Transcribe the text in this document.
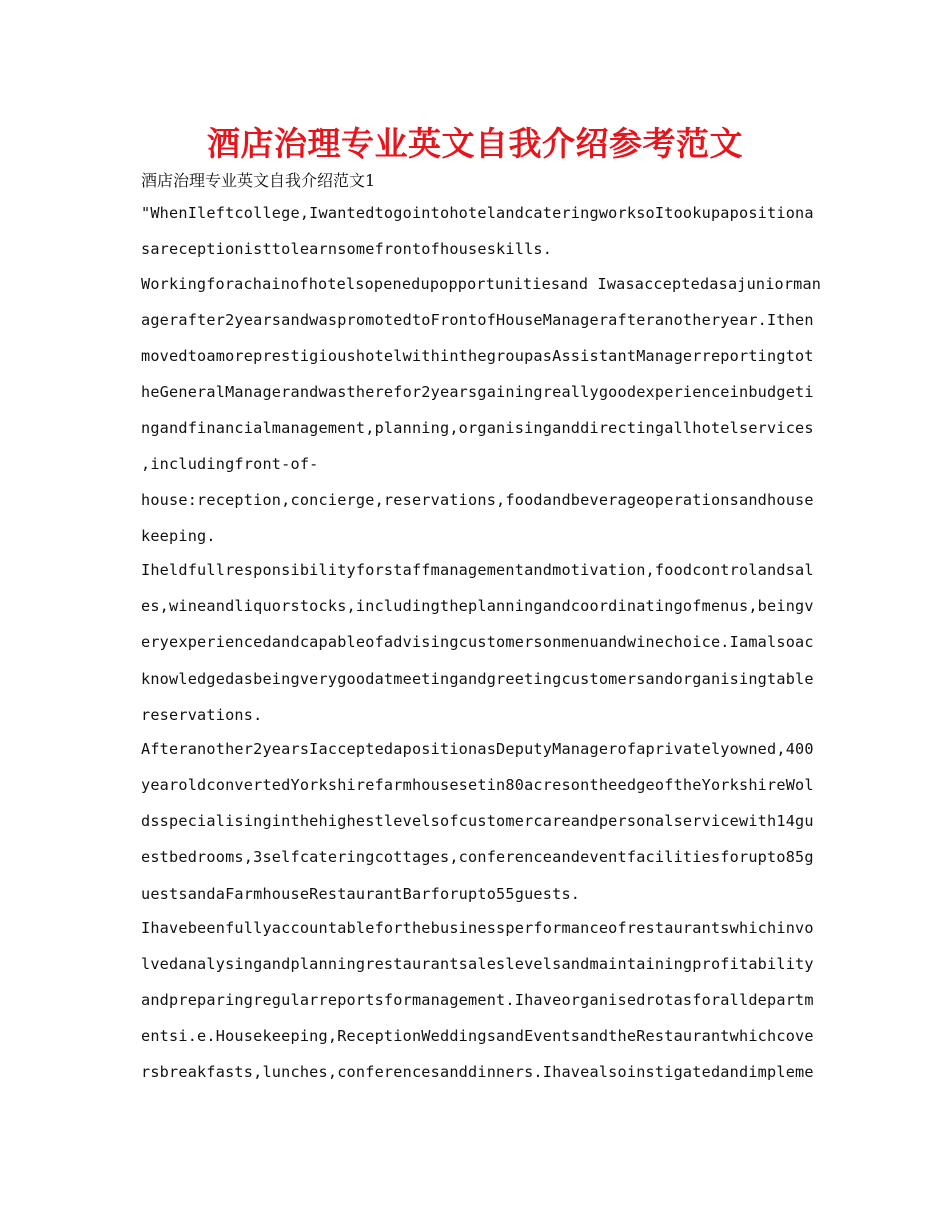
酒店治理专业英文自我介绍参考范文
酒店治理专业英文自我介绍范文1
"WhenIleftcollege,IwantedtogointohotelandcateringworksoItookupapositiona
sareceptionisttolearnsomefrontofhouseskills.
Workingforachainofhotelsopenedupopportunitiesand Iwasacceptedasajuniorman
agerafter2yearsandwaspromotedtoFrontofHouseManagerafteranotheryear.Ithen
movedtoamoreprestigioushotelwithinthegroupasAssistantManagerreportingtot
heGeneralManagerandwastherefor2yearsgainingreallygoodexperienceinbudgeti
ngandfinancialmanagement,planning,organisinganddirectingallhotelservices
,includingfront-of-
house:reception,concierge,reservations,foodandbeverageoperationsandhouse
keeping.
Iheldfullresponsibilityforstaffmanagementandmotivation,foodcontrolandsal
es,wineandliquorstocks,includingtheplanningandcoordinatingofmenus,beingv
eryexperiencedandcapableofadvisingcustomersonmenuandwinechoice.Iamalsoac
knowledgedasbeingverygoodatmeetingandgreetingcustomersandorganisingtable
reservations.
Afteranother2yearsIacceptedapositionasDeputyManagerofaprivatelyowned,400
yearoldconvertedYorkshirefarmhousesetin80acresontheedgeoftheYorkshireWol
dsspecialisinginthehighestlevelsofcustomercareandpersonalservicewith14gu
estbedrooms,3selfcateringcottages,conferenceandeventfacilitiesforupto85g
uestsandaFarmhouseRestaurantBarforupto55guests.
Ihavebeenfullyaccountableforthebusinessperformanceofrestaurantswhichinvo
lvedanalysingandplanningrestaurantsaleslevelsandmaintainingprofitability
andpreparingregularreportsformanagement.Ihaveorganisedrotasforalldepartm
entsi.e.Housekeeping,ReceptionWeddingsandEventsandtheRestaurantwhichcove
rsbreakfasts,lunches,conferencesanddinners.Ihavealsoinstigatedandimpleme
